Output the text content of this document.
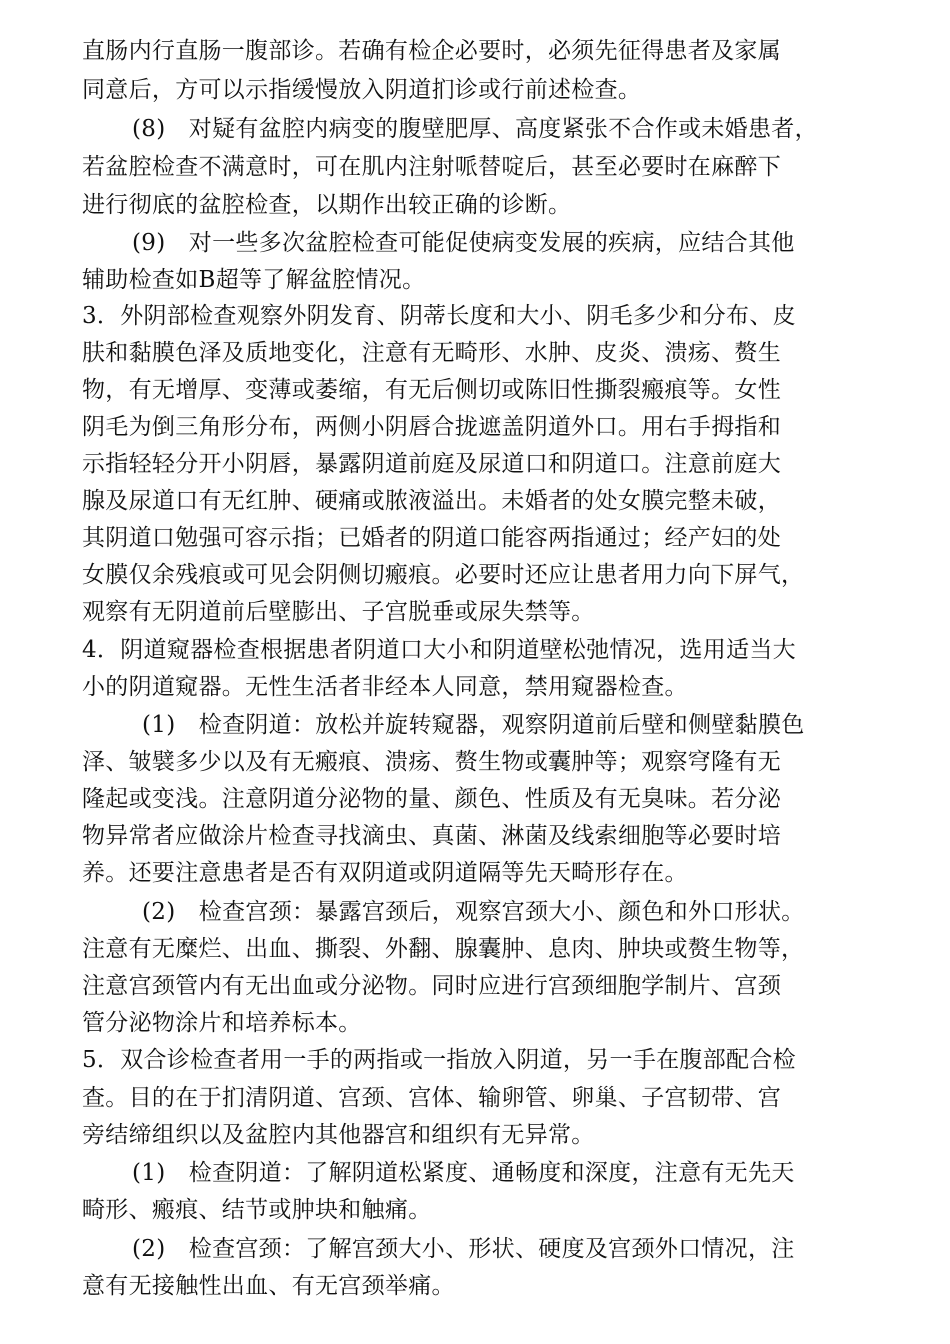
直肠内行直肠一腹部诊。若确有检企必要时，必须先征得患者及家属

同意后，方可以示指缓慢放入阴道扪诊或行前述检查。

(8)　对疑有盆腔内病变的腹壁肥厚、高度紧张不合作或未婚患者，

若盆腔检查不满意时，可在肌内注射哌替啶后，甚至必要时在麻醉下

进行彻底的盆腔检查，以期作出较正确的诊断。

(9)　对一些多次盆腔检查可能促使病变发展的疾病，应结合其他

辅助检查如B超等了解盆腔情况。

3．外阴部检查观察外阴发育、阴蒂长度和大小、阴毛多少和分布、皮

肤和黏膜色泽及质地变化，注意有无畸形、水肿、皮炎、溃疡、赘生

物，有无增厚、变薄或萎缩，有无后侧切或陈旧性撕裂瘢痕等。女性

阴毛为倒三角形分布，两侧小阴唇合拢遮盖阴道外口。用右手拇指和

示指轻轻分开小阴唇，暴露阴道前庭及尿道口和阴道口。注意前庭大

腺及尿道口有无红肿、硬痛或脓液溢出。未婚者的处女膜完整未破，

其阴道口勉强可容示指；已婚者的阴道口能容两指通过；经产妇的处

女膜仅余残痕或可见会阴侧切瘢痕。必要时还应让患者用力向下屏气，

观察有无阴道前后壁膨出、子宫脱垂或尿失禁等。

4．阴道窥器检查根据患者阴道口大小和阴道壁松弛情况，选用适当大

小的阴道窥器。无性生活者非经本人同意，禁用窥器检查。

(1)　检查阴道：放松并旋转窥器，观察阴道前后壁和侧壁黏膜色

泽、皱襞多少以及有无瘢痕、溃疡、赘生物或囊肿等；观察穹隆有无

隆起或变浅。注意阴道分泌物的量、颜色、性质及有无臭味。若分泌

物异常者应做涂片检查寻找滴虫、真菌、淋菌及线索细胞等必要时培

养。还要注意患者是否有双阴道或阴道隔等先天畸形存在。

(2)　检查宫颈：暴露宫颈后，观察宫颈大小、颜色和外口形状。

注意有无糜烂、出血、撕裂、外翻、腺囊肿、息肉、肿块或赘生物等，

注意宫颈管内有无出血或分泌物。同时应进行宫颈细胞学制片、宫颈

管分泌物涂片和培养标本。

5．双合诊检查者用一手的两指或一指放入阴道，另一手在腹部配合检

查。目的在于扪清阴道、宫颈、宫体、输卵管、卵巢、子宫韧带、宫

旁结缔组织以及盆腔内其他器宫和组织有无异常。

(1)　检查阴道：了解阴道松紧度、通畅度和深度，注意有无先天

畸形、瘢痕、结节或肿块和触痛。

(2)　检查宫颈：了解宫颈大小、形状、硬度及宫颈外口情况，注

意有无接触性出血、有无宫颈举痛。
